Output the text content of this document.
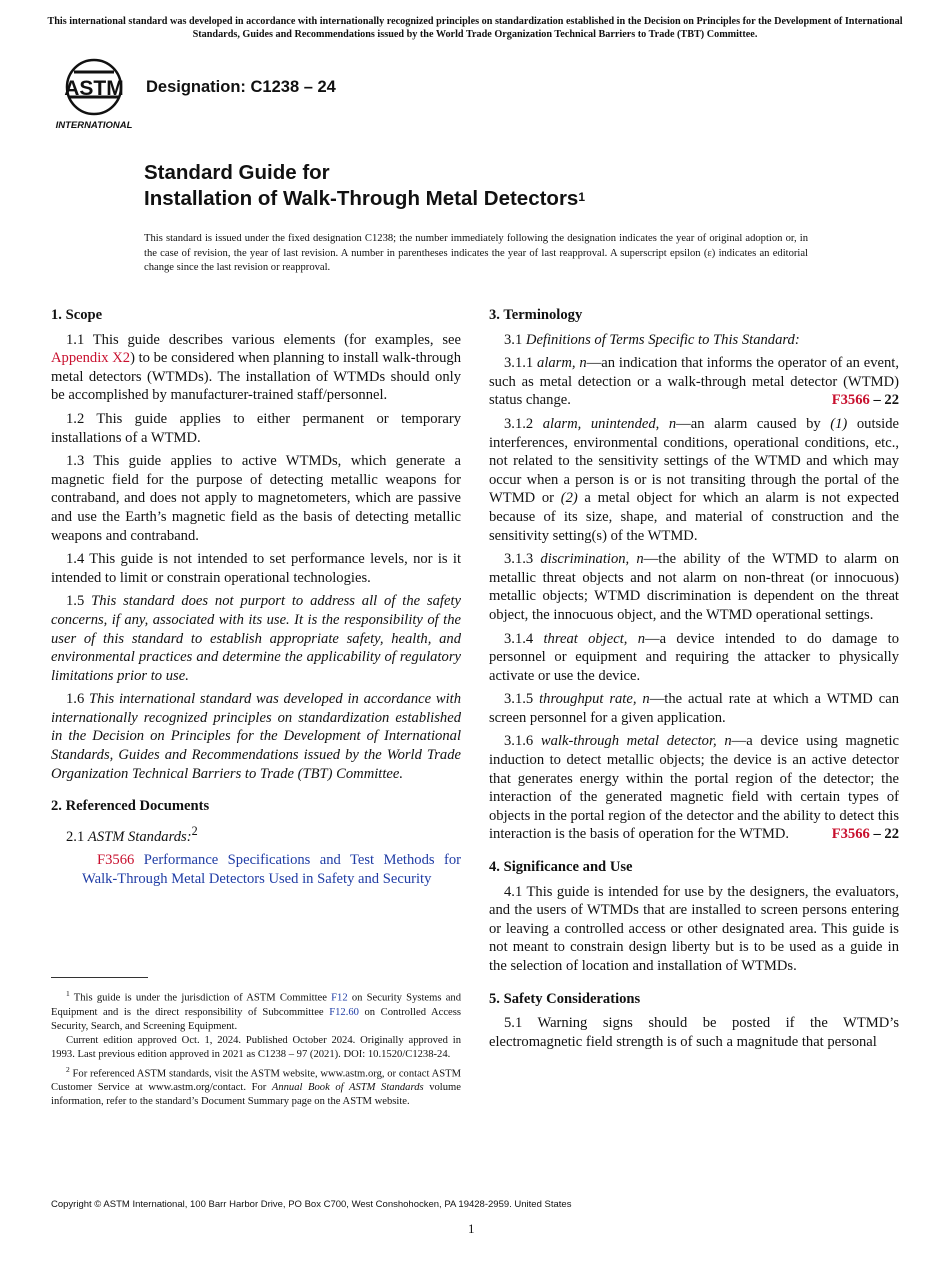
This international standard was developed in accordance with internationally recognized principles on standardization established in the Decision on Principles for the Development of International Standards, Guides and Recommendations issued by the World Trade Organization Technical Barriers to Trade (TBT) Committee.
ASTM
INTERNATIONAL
Designation: C1238 – 24
Standard Guide for
Installation of Walk-Through Metal Detectors$^1$
This standard is issued under the fixed designation C1238; the number immediately following the designation indicates the year of original adoption or, in the case of revision, the year of last revision. A number in parentheses indicates the year of last reapproval. A superscript epsilon (ε) indicates an editorial change since the last revision or reapproval.
1. Scope

1.1 This guide describes various elements (for examples, see Appendix X2) to be considered when planning to install walk-through metal detectors (WTMDs). The installation of WTMDs should only be accomplished by manufacturer-trained staff/personnel.

1.2 This guide applies to either permanent or temporary installations of a WTMD.

1.3 This guide applies to active WTMDs, which generate a magnetic field for the purpose of detecting metallic weapons for contraband, and does not apply to magnetometers, which are passive and use the Earth’s magnetic field as the basis of detecting metallic weapons and contraband.

1.4 This guide is not intended to set performance levels, nor is it intended to limit or constrain operational technologies.

1.5 This standard does not purport to address all of the safety concerns, if any, associated with its use. It is the responsibility of the user of this standard to establish appropriate safety, health, and environmental practices and determine the applicability of regulatory limitations prior to use.

1.6 This international standard was developed in accordance with internationally recognized principles on standardization established in the Decision on Principles for the Development of International Standards, Guides and Recommendations issued by the World Trade Organization Technical Barriers to Trade (TBT) Committee.

2. Referenced Documents

2.1 ASTM Standards:$^2$

F3566 Performance Specifications and Test Methods for Walk-Through Metal Detectors Used in Safety and Security

$^1$ This guide is under the jurisdiction of ASTM Committee F12 on Security Systems and Equipment and is the direct responsibility of Subcommittee F12.60 on Controlled Access Security, Search, and Screening Equipment.

Current edition approved Oct. 1, 2024. Published October 2024. Originally approved in 1993. Last previous edition approved in 2021 as C1238 – 97 (2021). DOI: 10.1520/C1238-24.

$^2$ For referenced ASTM standards, visit the ASTM website, www.astm.org, or contact ASTM Customer Service at www.astm.org/contact. For Annual Book of ASTM Standards volume information, refer to the standard’s Document Summary page on the ASTM website.

3. Terminology

3.1 Definitions of Terms Specific to This Standard:

3.1.1 alarm, n—an indication that informs the operator of an event, such as metal detection or a walk-through metal detector (WTMD) status change.	F3566 – 22

3.1.2 alarm, unintended, n—an alarm caused by (1) outside interferences, environmental conditions, operational conditions, etc., not related to the sensitivity settings of the WTMD and which may occur when a person is or is not transiting through the portal of the WTMD or (2) a metal object for which an alarm is not expected because of its size, shape, and material of construction and the sensitivity setting(s) of the WTMD.

3.1.3 discrimination, n—the ability of the WTMD to alarm on metallic threat objects and not alarm on non-threat (or innocuous) metallic objects; WTMD discrimination is dependent on the threat object, the innocuous object, and the WTMD operational settings.

3.1.4 threat object, n—a device intended to do damage to personnel or equipment and requiring the attacker to physically activate or use the device.

3.1.5 throughput rate, n—the actual rate at which a WTMD can screen personnel for a given application.

3.1.6 walk-through metal detector, n—a device using magnetic induction to detect metallic objects; the device is an active detector that generates energy within the portal region of the detector; the interaction of the generated magnetic field with certain types of objects in the portal region of the detector and the ability to detect this interaction is the basis of operation for the WTMD.	F3566 – 22

4. Significance and Use

4.1 This guide is intended for use by the designers, the evaluators, and the users of WTMDs that are installed to screen persons entering or leaving a controlled access or other designated area. This guide is not meant to constrain design liberty but is to be used as a guide in the selection of location and installation of WTMDs.

5. Safety Considerations

5.1 Warning signs should be posted if the WTMD’s electromagnetic field strength is of such a magnitude that personal

Copyright © ASTM International, 100 Barr Harbor Drive, PO Box C700, West Conshohocken, PA 19428-2959. United States
1
